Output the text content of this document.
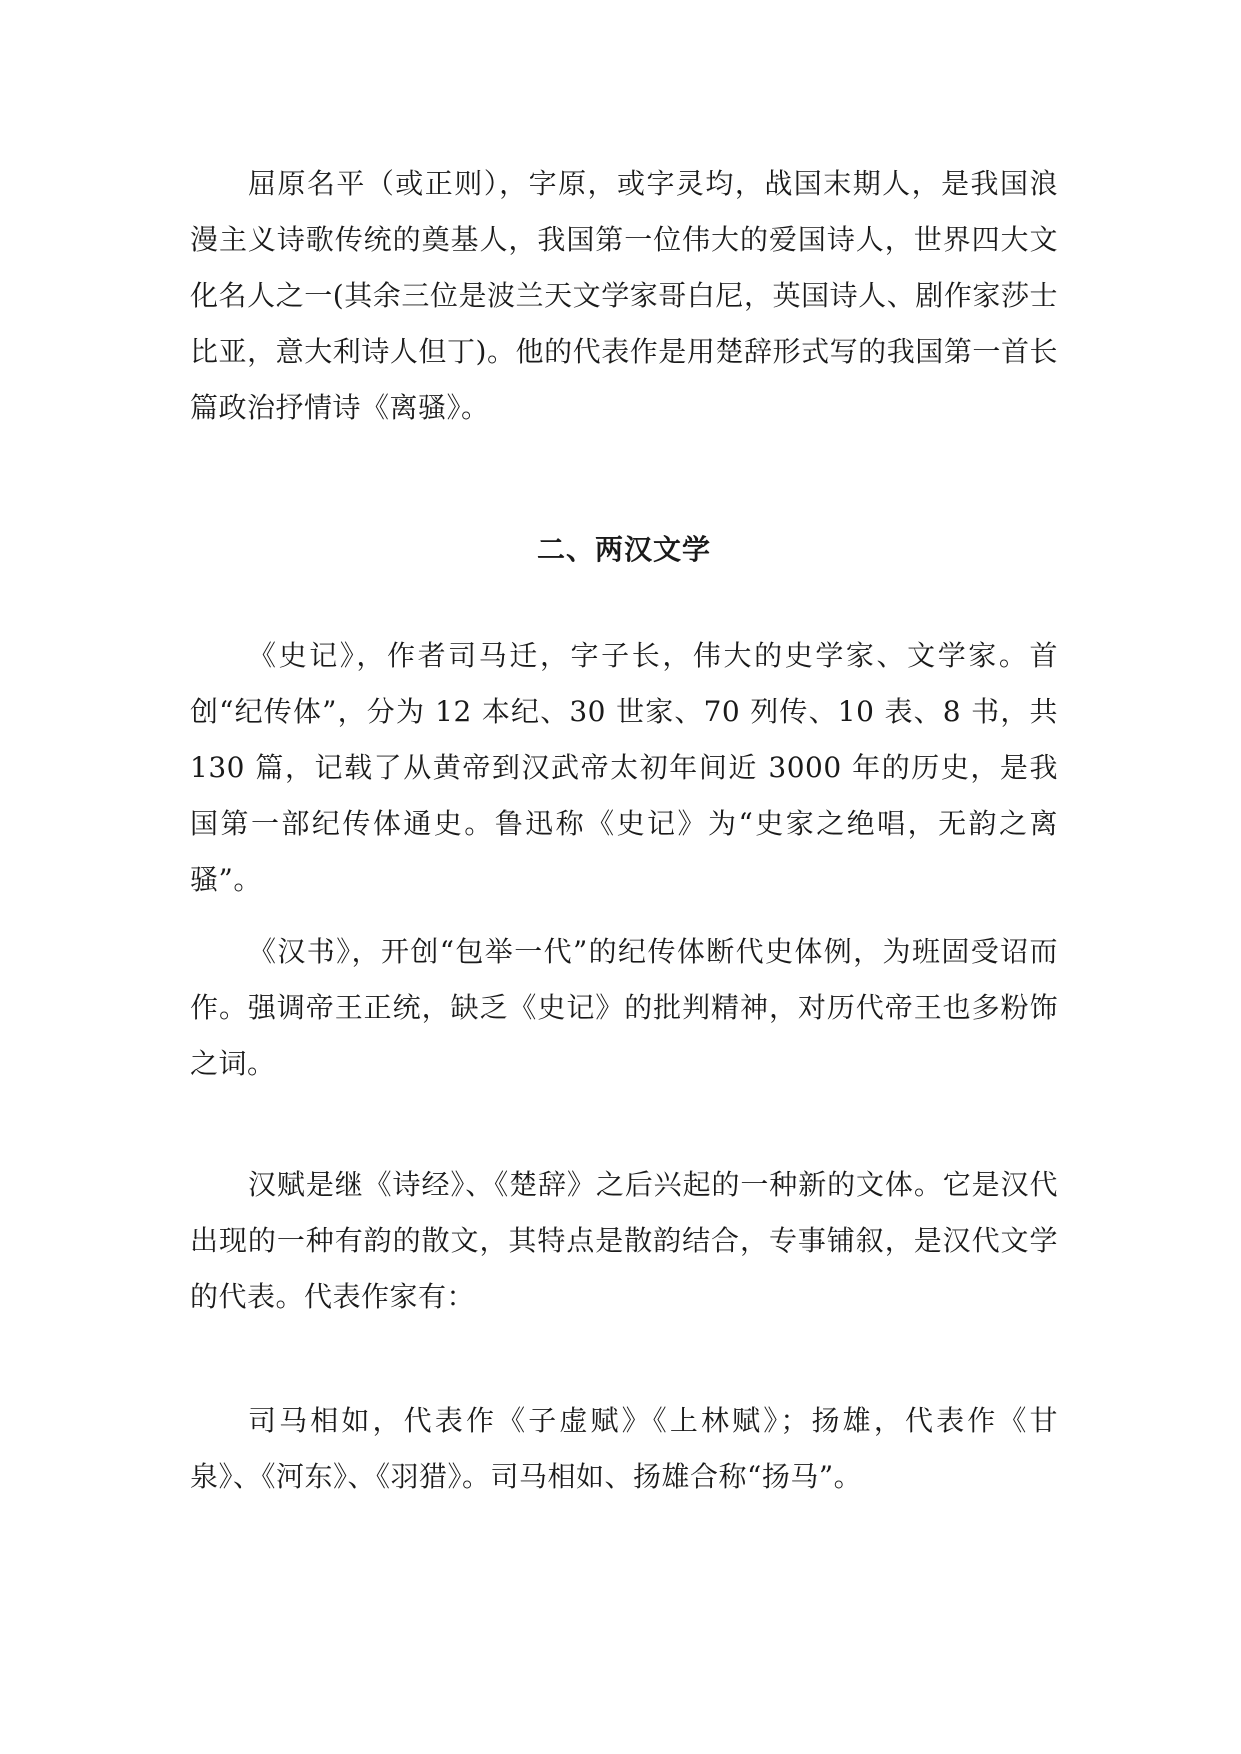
屈原名平（或正则），字原，或字灵均，战国末期人，是我国浪漫主义诗歌传统的奠基人，我国第一位伟大的爱国诗人，世界四大文化名人之一(其余三位是波兰天文学家哥白尼，英国诗人、剧作家莎士比亚，意大利诗人但丁)。他的代表作是用楚辞形式写的我国第一首长篇政治抒情诗《离骚》。

二、两汉文学

《史记》，作者司马迁，字子长，伟大的史学家、文学家。首创“纪传体”，分为 12 本纪、30 世家、70 列传、10 表、8 书，共 130 篇，记载了从黄帝到汉武帝太初年间近 3000 年的历史，是我国第一部纪传体通史。鲁迅称《史记》为“史家之绝唱，无韵之离骚”。

《汉书》，开创“包举一代”的纪传体断代史体例，为班固受诏而作。强调帝王正统，缺乏《史记》的批判精神，对历代帝王也多粉饰之词。

汉赋是继《诗经》、《楚辞》之后兴起的一种新的文体。它是汉代出现的一种有韵的散文，其特点是散韵结合，专事铺叙，是汉代文学的代表。代表作家有：

司马相如，代表作《子虚赋》《上林赋》；扬雄，代表作《甘泉》、《河东》、《羽猎》。司马相如、扬雄合称“扬马”。
